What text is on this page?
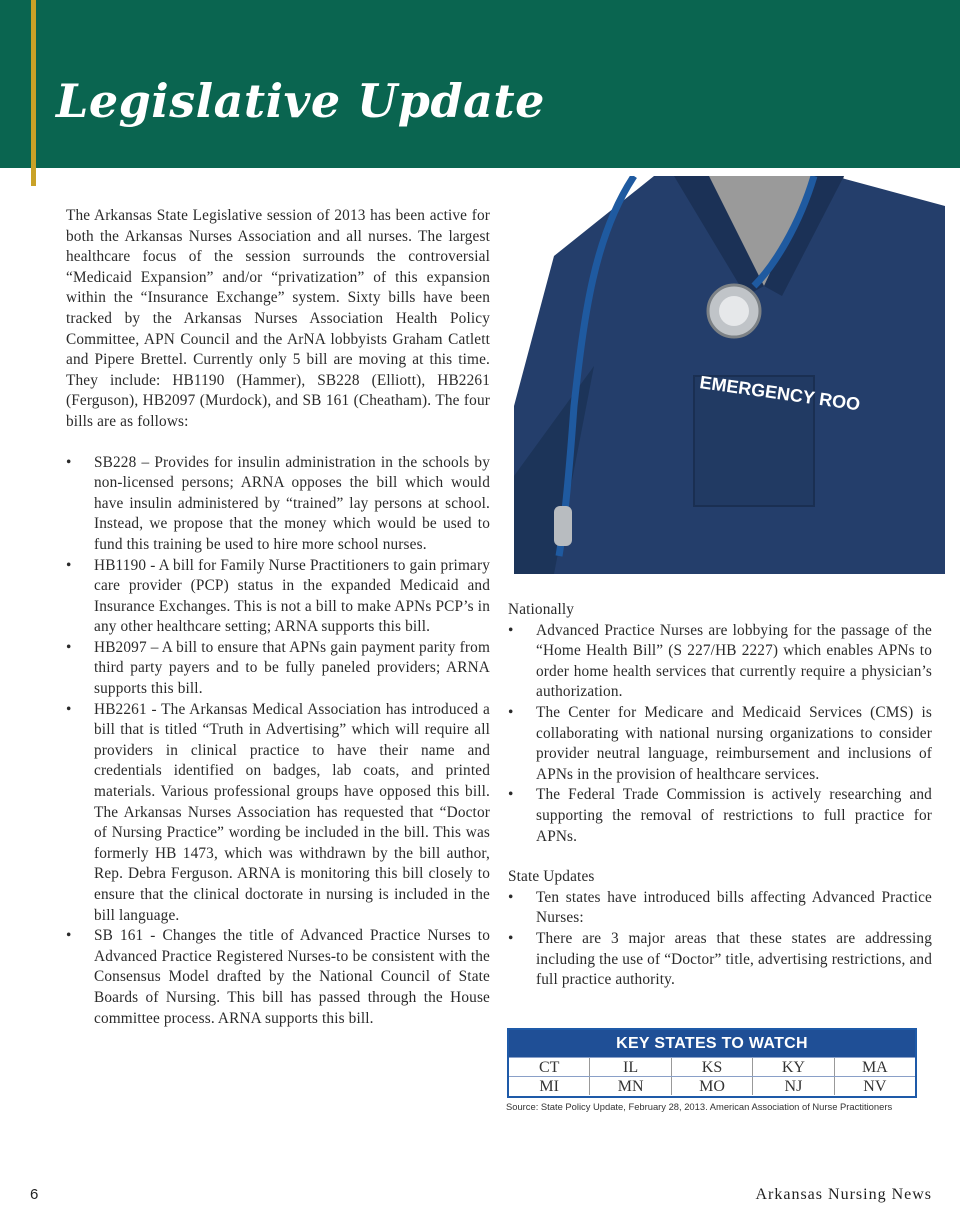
Legislative Update

The Arkansas State Legislative session of 2013 has been active for both the Arkansas Nurses Association and all nurses. The largest healthcare focus of the session surrounds the controversial “Medicaid Expansion” and/or “privatization” of this expansion within the “Insurance Exchange” system. Sixty bills have been tracked by the Arkansas Nurses Association Health Policy Committee, APN Council and the ArNA lobbyists Graham Catlett and Pipere Brettel. Currently only 5 bill are moving at this time. They include: HB1190 (Hammer), SB228 (Elliott), HB2261 (Ferguson), HB2097 (Murdock), and SB 161 (Cheatham). The four bills are as follows:

•	SB228 – Provides for insulin administration in the schools by non-licensed persons; ARNA opposes the bill which would have insulin administered by “trained” lay persons at school. Instead, we propose that the money which would be used to fund this training be used to hire more school nurses.
•	HB1190 - A bill for Family Nurse Practitioners to gain primary care provider (PCP) status in the expanded Medicaid and Insurance Exchanges. This is not a bill to make APNs PCP’s in any other healthcare setting; ARNA supports this bill.
•	HB2097 – A bill to ensure that APNs gain payment parity from third party payers and to be fully paneled providers; ARNA supports this bill.
•	HB2261 - The Arkansas Medical Association has introduced a bill that is titled “Truth in Advertising” which will require all providers in clinical practice to have their name and credentials identified on badges, lab coats, and printed materials. Various professional groups have opposed this bill. The Arkansas Nurses Association has requested that “Doctor of Nursing Practice” wording be included in the bill. This was formerly HB 1473, which was withdrawn by the bill author, Rep. Debra Ferguson. ARNA is monitoring this bill closely to ensure that the clinical doctorate in nursing is included in the bill language.
•	SB 161 - Changes the title of Advanced Practice Nurses to Advanced Practice Registered Nurses-to be consistent with the Consensus Model drafted by the National Council of State Boards of Nursing. This bill has passed through the House committee process. ARNA supports this bill.
EMERGENCY ROO
Nationally
•	Advanced Practice Nurses are lobbying for the passage of the “Home Health Bill” (S 227/HB 2227) which enables APNs to order home health services that currently require a physician’s authorization.
•	The Center for Medicare and Medicaid Services (CMS) is collaborating with national nursing organizations to consider provider neutral language, reimbursement and inclusions of APNs in the provision of healthcare services.
•	The Federal Trade Commission is actively researching and supporting the removal of restrictions to full practice for APNs.
State Updates
•	Ten states have introduced bills affecting Advanced Practice Nurses:
•	There are 3 major areas that these states are addressing including the use of “Doctor” title, advertising restrictions, and full practice authority.
KEY STATES TO WATCH
CT	IL	KS	KY	MA
MI	MN	MO	NJ	NV
Source: State Policy Update, February 28, 2013. American Association of Nurse Practitioners
6	Arkansas Nursing News
